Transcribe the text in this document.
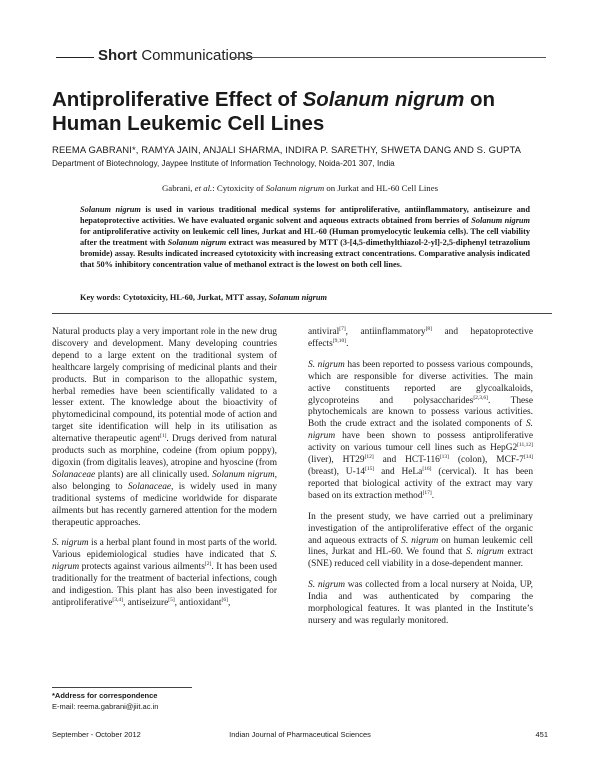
Short Communications
Antiproliferative Effect of Solanum nigrum on Human Leukemic Cell Lines
REEMA GABRANI*, RAMYA JAIN, ANJALI SHARMA, INDIRA P. SARETHY, SHWETA DANG AND S. GUPTA
Department of Biotechnology, Jaypee Institute of Information Technology, Noida-201 307, India
Gabrani, et al.: Cytoxicity of Solanum nigrum on Jurkat and HL-60 Cell Lines
Solanum nigrum is used in various traditional medical systems for antiproliferative, antiinflammatory, antiseizure and hepatoprotective activities. We have evaluated organic solvent and aqueous extracts obtained from berries of Solanum nigrum for antiproliferative activity on leukemic cell lines, Jurkat and HL-60 (Human promyelocytic leukemia cells). The cell viability after the treatment with Solanum nigrum extract was measured by MTT (3-[4,5-dimethylthiazol-2-yl]-2,5-diphenyl tetrazolium bromide) assay. Results indicated increased cytotoxicity with increasing extract concentrations. Comparative analysis indicated that 50% inhibitory concentration value of methanol extract is the lowest on both cell lines.
Key words: Cytotoxicity, HL-60, Jurkat, MTT assay, Solanum nigrum

Natural products play a very important role in the new drug discovery and development. Many developing countries depend to a large extent on the traditional system of healthcare largely comprising of medicinal plants and their products. But in comparison to the allopathic system, herbal remedies have been scientifically validated to a lesser extent. The knowledge about the bioactivity of phytomedicinal compound, its potential mode of action and target site identification will help in its utilisation as alternative therapeutic agent[1]. Drugs derived from natural products such as morphine, codeine (from opium poppy), digoxin (from digitalis leaves), atropine and hyoscine (from Solanaceae plants) are all clinically used. Solanum nigrum, also belonging to Solanaceae, is widely used in many traditional systems of medicine worldwide for disparate ailments but has recently garnered attention for the modern therapeutic approaches.

S. nigrum is a herbal plant found in most parts of the world. Various epidemiological studies have indicated that S. nigrum protects against various ailments[2]. It has been used traditionally for the treatment of bacterial infections, cough and indigestion. This plant has also been investigated for antiproliferative[3,4], antiseizure[5], antioxidant[6],

antiviral[7], antiinflammatory[8] and hepatoprotective effects[9,10].

S. nigrum has been reported to possess various compounds, which are responsible for diverse activities. The main active constituents reported are glycoalkaloids, glycoproteins and polysaccharides[2,3,6]. These phytochemicals are known to possess various activities. Both the crude extract and the isolated components of S. nigrum have been shown to possess antiproliferative activity on various tumour cell lines such as HepG2[11,12] (liver), HT29[12] and HCT-116[13] (colon), MCF-7[14] (breast), U-14[15] and HeLa[16] (cervical). It has been reported that biological activity of the extract may vary based on its extraction method[17].

In the present study, we have carried out a preliminary investigation of the antiproliferative effect of the organic and aqueous extracts of S. nigrum on human leukemic cell lines, Jurkat and HL-60. We found that S. nigrum extract (SNE) reduced cell viability in a dose-dependent manner.

S. nigrum was collected from a local nursery at Noida, UP, India and was authenticated by comparing the morphological features. It was planted in the Institute’s nursery and was regularly monitored.

*Address for correspondence
E-mail: reema.gabrani@jiit.ac.in
September - October 2012	Indian Journal of Pharmaceutical Sciences	451
